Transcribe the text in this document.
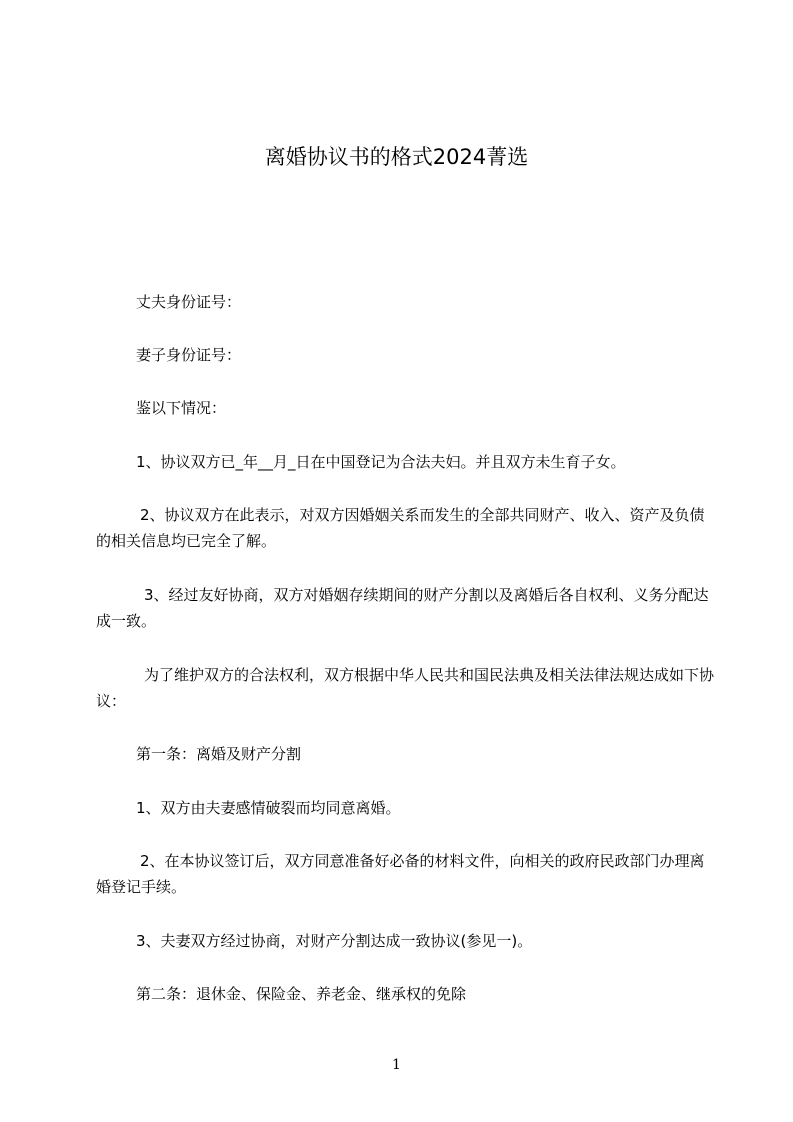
离婚协议书的格式2024菁选

丈夫身份证号：

妻子身份证号：

鉴以下情况：

1、协议双方已_年__月_日在中国登记为合法夫妇。并且双方未生育子女。

2、协议双方在此表示，对双方因婚姻关系而发生的全部共同财产、收入、资产及负债的相关信息均已完全了解。

3、经过友好协商，双方对婚姻存续期间的财产分割以及离婚后各自权利、义务分配达成一致。

为了维护双方的合法权利，双方根据中华人民共和国民法典及相关法律法规达成如下协议：

第一条：离婚及财产分割

1、双方由夫妻感情破裂而均同意离婚。

2、在本协议签订后，双方同意准备好必备的材料文件，向相关的政府民政部门办理离婚登记手续。

3、夫妻双方经过协商，对财产分割达成一致协议(参见一)。

第二条：退休金、保险金、养老金、继承权的免除

1
